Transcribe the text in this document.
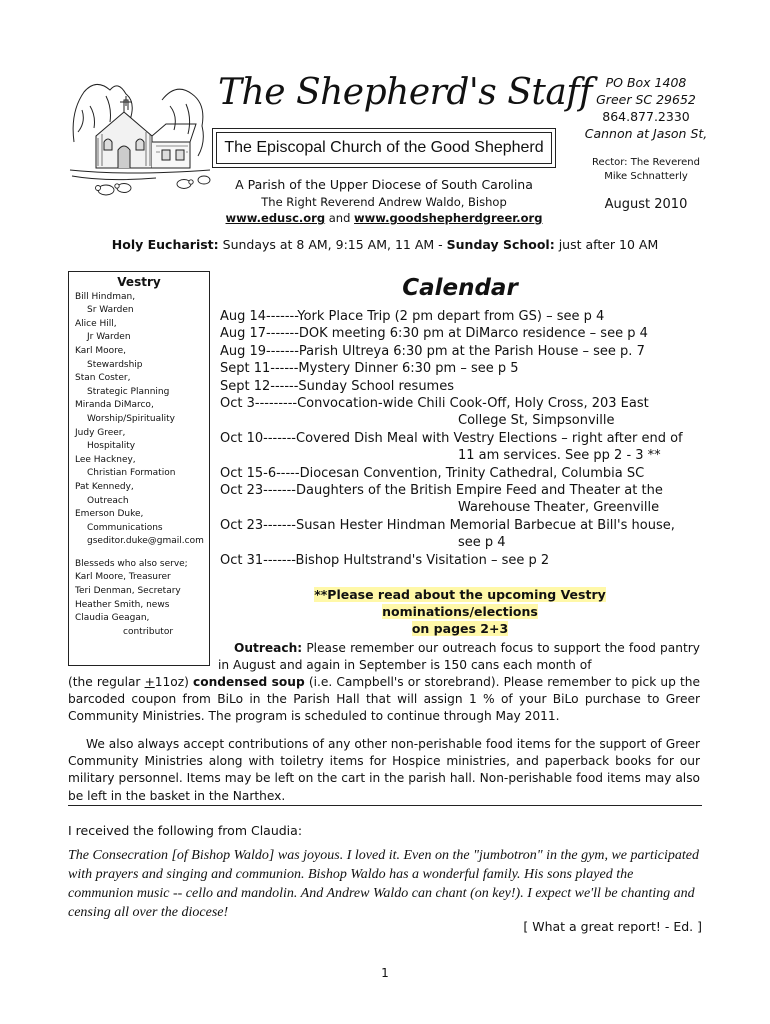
The Shepherd's Staff
The Episcopal Church of the Good Shepherd
A Parish of the Upper Diocese of South Carolina
The Right Reverend Andrew Waldo, Bishop
www.edusc.org and www.goodshepherdgreer.org
PO Box 1408
Greer SC 29652
864.877.2330
Cannon at Jason St,
Rector: The Reverend
Mike Schnatterly
August 2010
Holy Eucharist: Sundays at 8 AM, 9:15 AM, 11 AM - Sunday School: just after 10 AM
Vestry
Bill Hindman,
Sr Warden
Alice Hill,
Jr Warden
Karl Moore,
Stewardship
Stan Coster,
Strategic Planning
Miranda DiMarco,
Worship/Spirituality
Judy Greer,
Hospitality
Lee Hackney,
Christian Formation
Pat Kennedy,
Outreach
Emerson Duke,
Communications
gseditor.duke@gmail.com
Blesseds who also serve;
Karl Moore, Treasurer
Teri Denman, Secretary
Heather Smith, news
Claudia Geagan,
contributor
Calendar
Aug 14-------York Place Trip (2 pm depart from GS) – see p 4
Aug 17-------DOK meeting 6:30 pm at DiMarco residence – see p 4
Aug 19-------Parish Ultreya 6:30 pm at the Parish House – see p. 7
Sept 11------Mystery Dinner 6:30 pm – see p 5
Sept 12------Sunday School resumes
Oct 3---------Convocation-wide Chili Cook-Off, Holy Cross, 203 East
College St, Simpsonville
Oct 10-------Covered Dish Meal with Vestry Elections – right after end of
11 am services. See pp 2 - 3 **
Oct 15-6-----Diocesan Convention, Trinity Cathedral, Columbia SC
Oct 23-------Daughters of the British Empire Feed and Theater at the
Warehouse Theater, Greenville
Oct 23-------Susan Hester Hindman Memorial Barbecue at Bill's house,
see p 4
Oct 31-------Bishop Hultstrand's Visitation – see p 2
**Please read about the upcoming Vestry nominations/elections
on pages 2+3
Outreach: Please remember our outreach focus to support the food pantry in August and again in September is 150 cans each month of
(the regular +11oz) condensed soup (i.e. Campbell's or storebrand). Please remember to pick up the barcoded coupon from BiLo in the Parish Hall that will assign 1 % of your BiLo purchase to Greer Community Ministries. The program is scheduled to continue through May 2011.
We also always accept contributions of any other non-perishable food items for the support of Greer Community Ministries along with toiletry items for Hospice ministries, and paperback books for our military personnel. Items may be left on the cart in the parish hall. Non-perishable food items may also be left in the basket in the Narthex.
I received the following from Claudia:
The Consecration [of Bishop Waldo] was joyous. I loved it. Even on the "jumbotron" in the gym, we participated with prayers and singing and communion. Bishop Waldo has a wonderful family. His sons played the communion music -- cello and mandolin. And Andrew Waldo can chant (on key!). I expect we'll be chanting and censing all over the diocese!
[ What a great report! - Ed. ]
1
